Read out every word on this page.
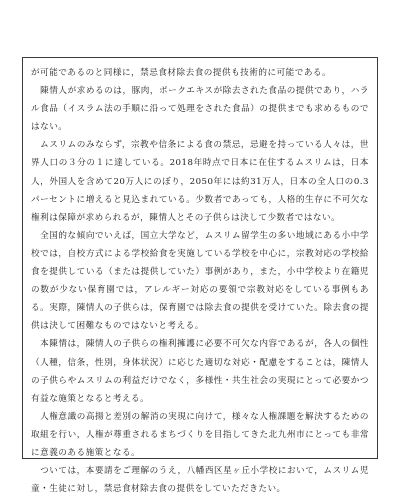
が可能であるのと同様に，禁忌食材除去食の提供も技術的に可能である。

　陳情人が求めるのは，豚肉，ポークエキスが除去された食品の提供であり，ハラル食品（イスラム法の手順に沿って処理をされた食品）の提供までも求めるものではない。

　ムスリムのみならず，宗教や信条による食の禁忌，忌避を持っている人々は，世界人口の３分の１に達している。2018年時点で日本に在住するムスリムは，日本人，外国人を含めて20万人にのぼり，2050年には約31万人，日本の全人口の0.3パーセントに増えると見込まれている。少数者であっても，人格的生存に不可欠な権利は保障が求められるが，陳情人とその子供らは決して少数者ではない。

　全国的な傾向でいえば，国立大学など，ムスリム留学生の多い地域にある小中学校では，自校方式による学校給食を実施している学校を中心に，宗教対応の学校給食を提供している（または提供していた）事例があり，また，小中学校より在籍児の数が少ない保育園では，アレルギー対応の要領で宗教対応をしている事例もある。実際，陳情人の子供らは，保育園では除去食の提供を受けていた。除去食の提供は決して困難なものではないと考える。

　本陳情は，陳情人の子供らの権利擁護に必要不可欠な内容であるが，各人の個性（人種，信条，性別，身体状況）に応じた適切な対応・配慮をすることは，陳情人の子供らやムスリムの利益だけでなく，多様性・共生社会の実現にとって必要かつ有益な施策となると考える。

　人権意識の高揚と差別の解消の実現に向けて，様々な人権課題を解決するための取組を行い，人権が尊重されるまちづくりを目指してきた北九州市にとっても非常に意義のある施策となる。

　ついては，本要請をご理解のうえ，八幡西区星ヶ丘小学校において，ムスリム児童・生徒に対し，禁忌食材除去食の提供をしていただきたい。
